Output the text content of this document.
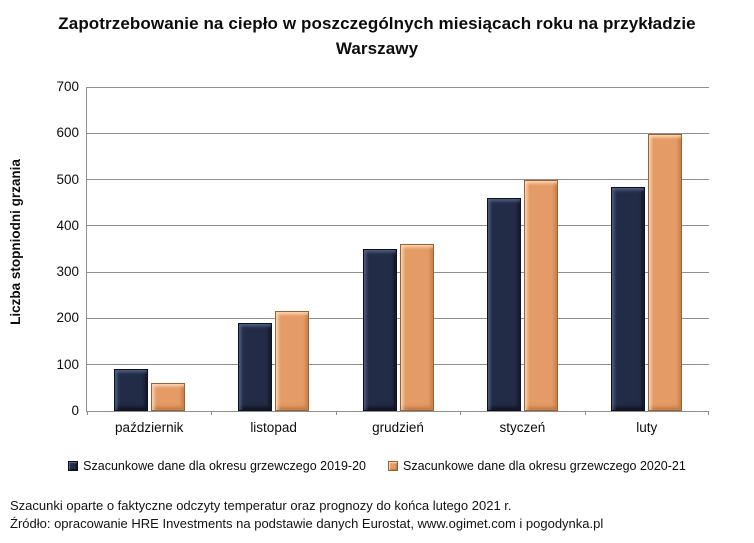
Zapotrzebowanie na ciepło w poszczególnych miesiącach roku na przykładzie Warszawy
Liczba stopniodni grzania
0
100
200
300
400
500
600
700
październik	listopad	grudzień	styczeń	luty
Szacunkowe dane dla okresu grzewczego 2019-20	Szacunkowe dane dla okresu grzewczego 2020-21
Szacunki oparte o faktyczne odczyty temperatur oraz prognozy do końca lutego 2021 r.
Źródło: opracowanie HRE Investments na podstawie danych Eurostat, www.ogimet.com i pogodynka.pl
